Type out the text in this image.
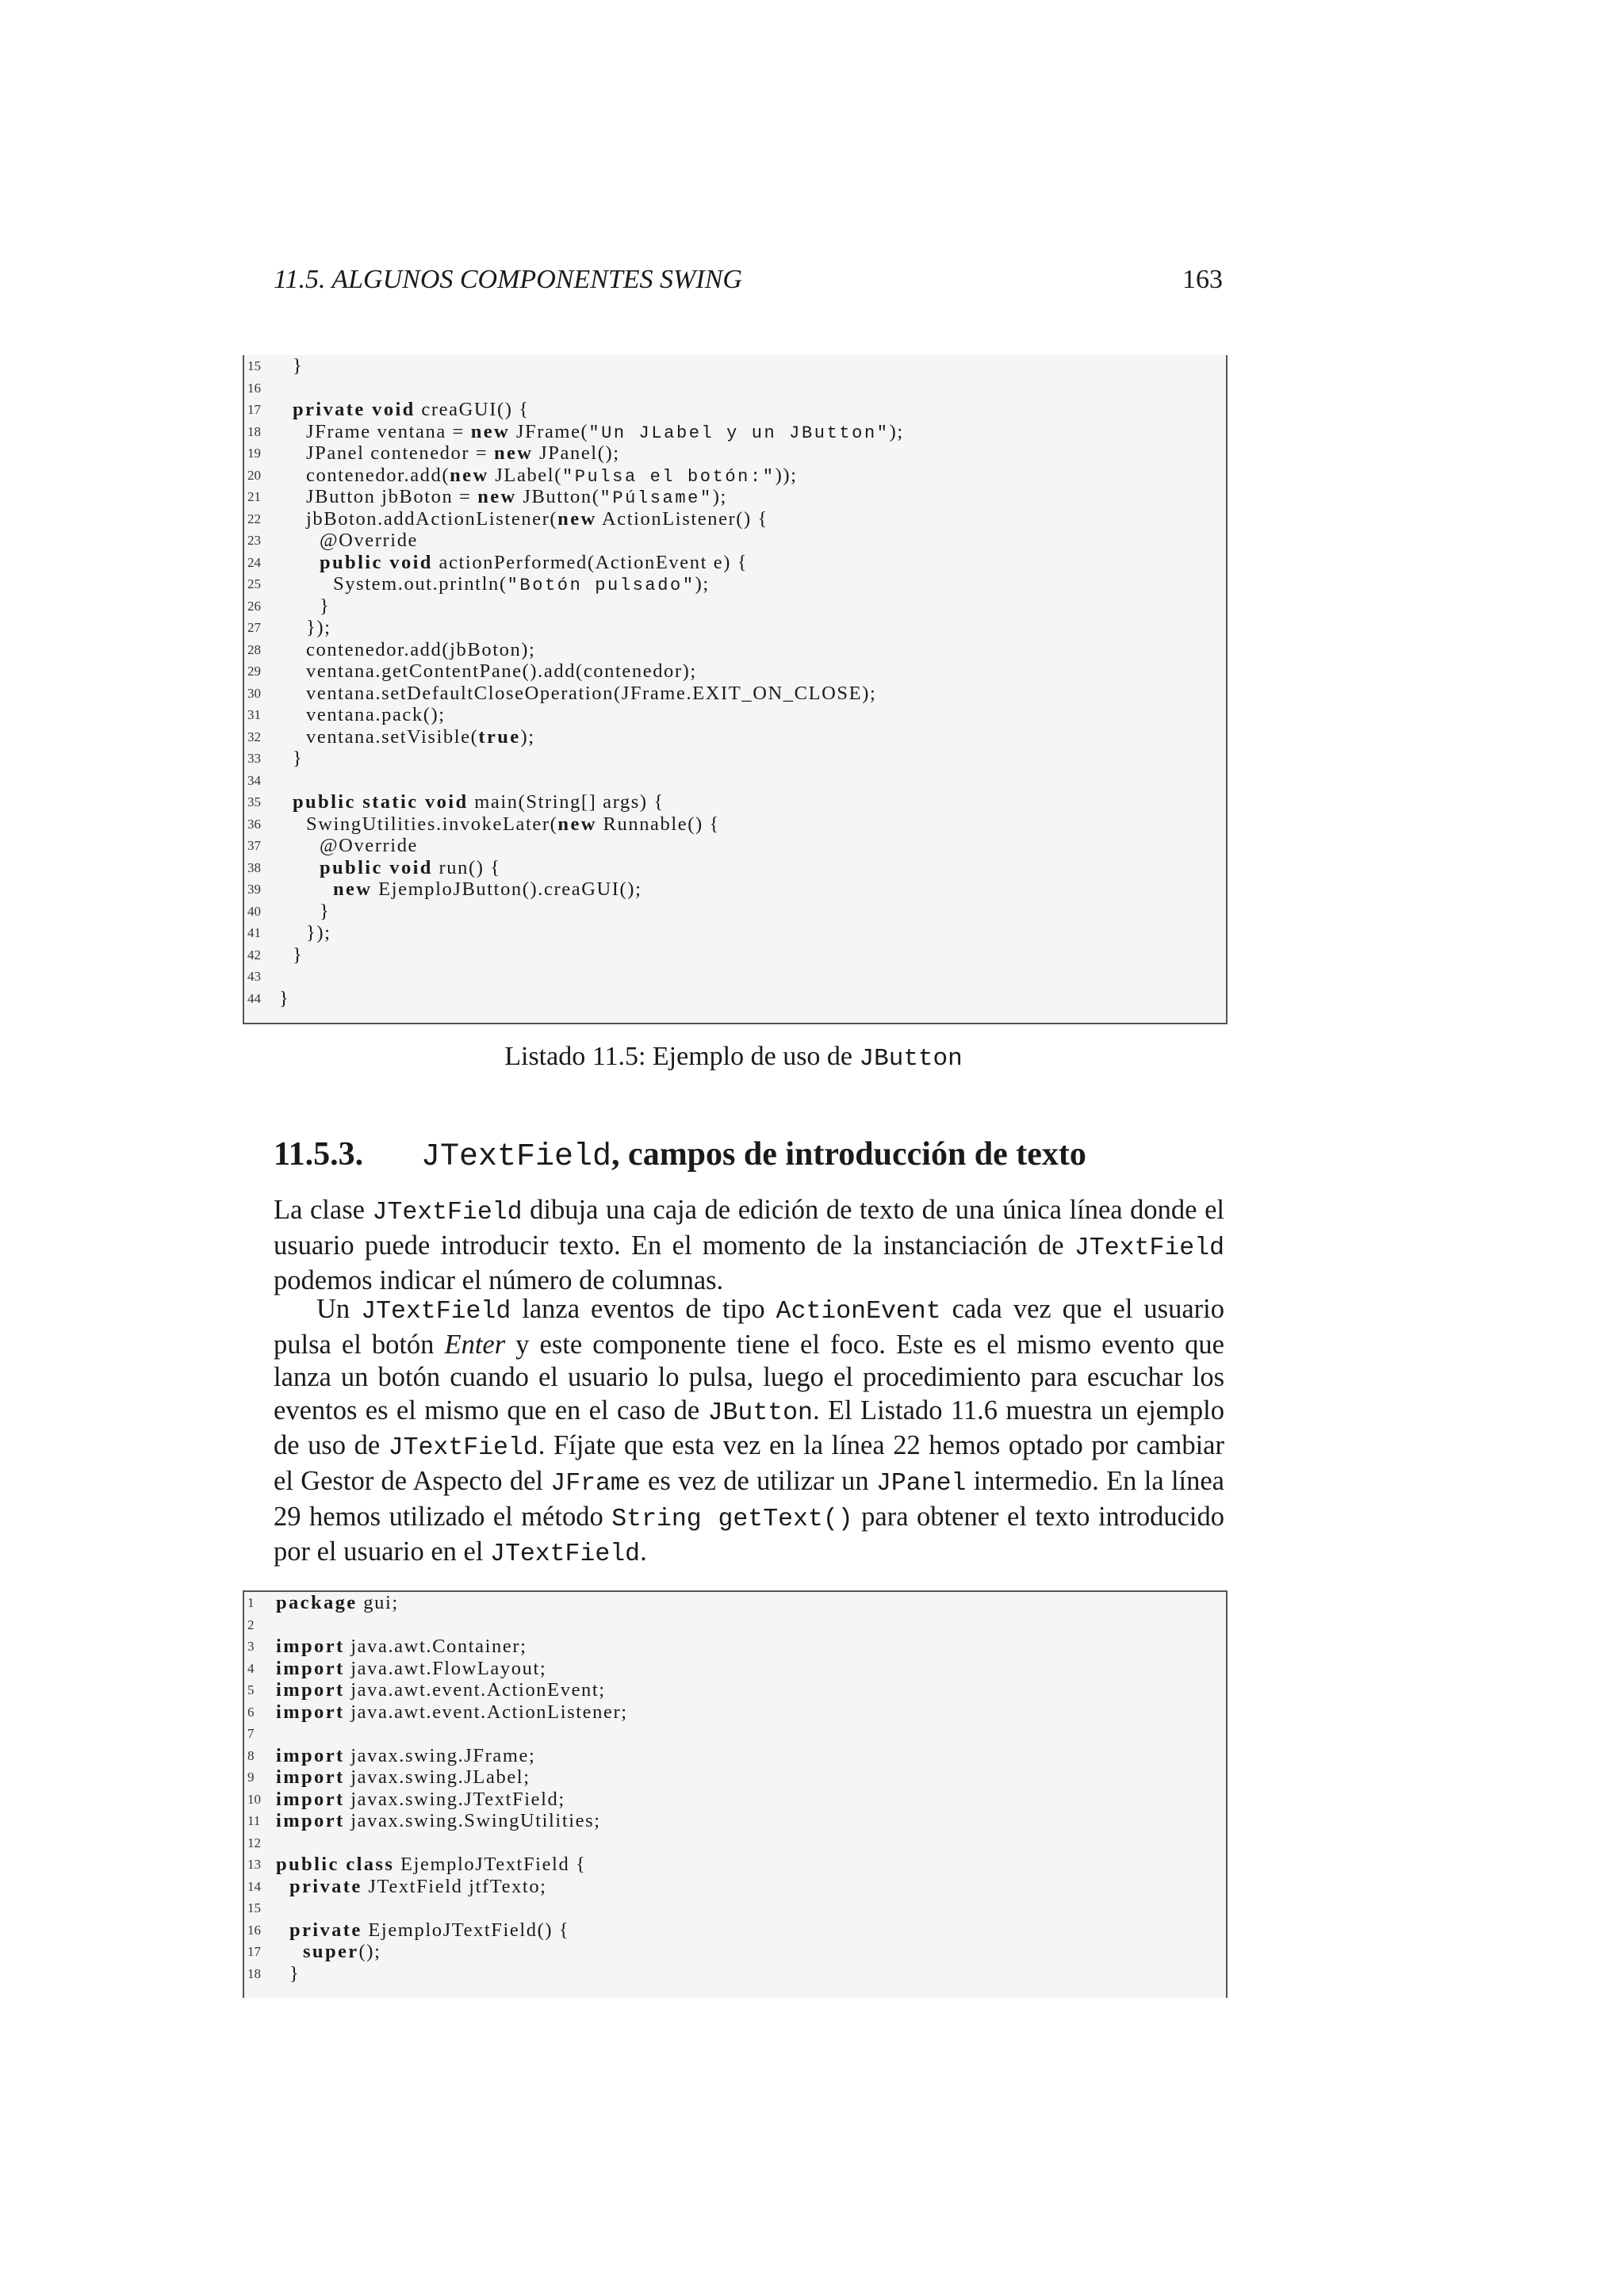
11.5. ALGUNOS COMPONENTES SWING	163
15	}
16
17	private void creaGUI() {
18	JFrame ventana = new JFrame("Un JLabel y un JButton");
19	JPanel contenedor = new JPanel();
20	contenedor.add(new JLabel("Pulsa el botón:"));
21	JButton jbBoton = new JButton("Púlsame");
22	jbBoton.addActionListener(new ActionListener() {
23	@Override
24	public void actionPerformed(ActionEvent e) {
25	System.out.println("Botón pulsado");
26	}
27	});
28	contenedor.add(jbBoton);
29	ventana.getContentPane().add(contenedor);
30	ventana.setDefaultCloseOperation(JFrame.EXIT_ON_CLOSE);
31	ventana.pack();
32	ventana.setVisible(true);
33	}
34
35	public static void main(String[] args) {
36	SwingUtilities.invokeLater(new Runnable() {
37	@Override
38	public void run() {
39	new EjemploJButton().creaGUI();
40	}
41	});
42	}
43
44 }
Listado 11.5: Ejemplo de uso de JButton
11.5.3. JTextField, campos de introducción de texto
La clase JTextField dibuja una caja de edición de texto de una única línea donde el usuario puede introducir texto. En el momento de la instanciación de JTextField podemos indicar el número de columnas.
Un JTextField lanza eventos de tipo ActionEvent cada vez que el usuario pulsa el botón Enter y este componente tiene el foco. Este es el mismo evento que lanza un botón cuando el usuario lo pulsa, luego el procedimiento para escuchar los eventos es el mismo que en el caso de JButton. El Listado 11.6 muestra un ejemplo de uso de JTextField. Fíjate que esta vez en la línea 22 hemos optado por cambiar el Gestor de Aspecto del JFrame es vez de utilizar un JPanel intermedio. En la línea 29 hemos utilizado el método String getText() para obtener el texto introducido por el usuario en el JTextField.
1	package gui;
2
3	import java.awt.Container;
4	import java.awt.FlowLayout;
5	import java.awt.event.ActionEvent;
6	import java.awt.event.ActionListener;
7
8	import javax.swing.JFrame;
9	import javax.swing.JLabel;
10 import javax.swing.JTextField;
11 import javax.swing.SwingUtilities;
12
13 public class EjemploJTextField {
14	private JTextField jtfTexto;
15
16	private EjemploJTextField() {
17	super();
18	}
